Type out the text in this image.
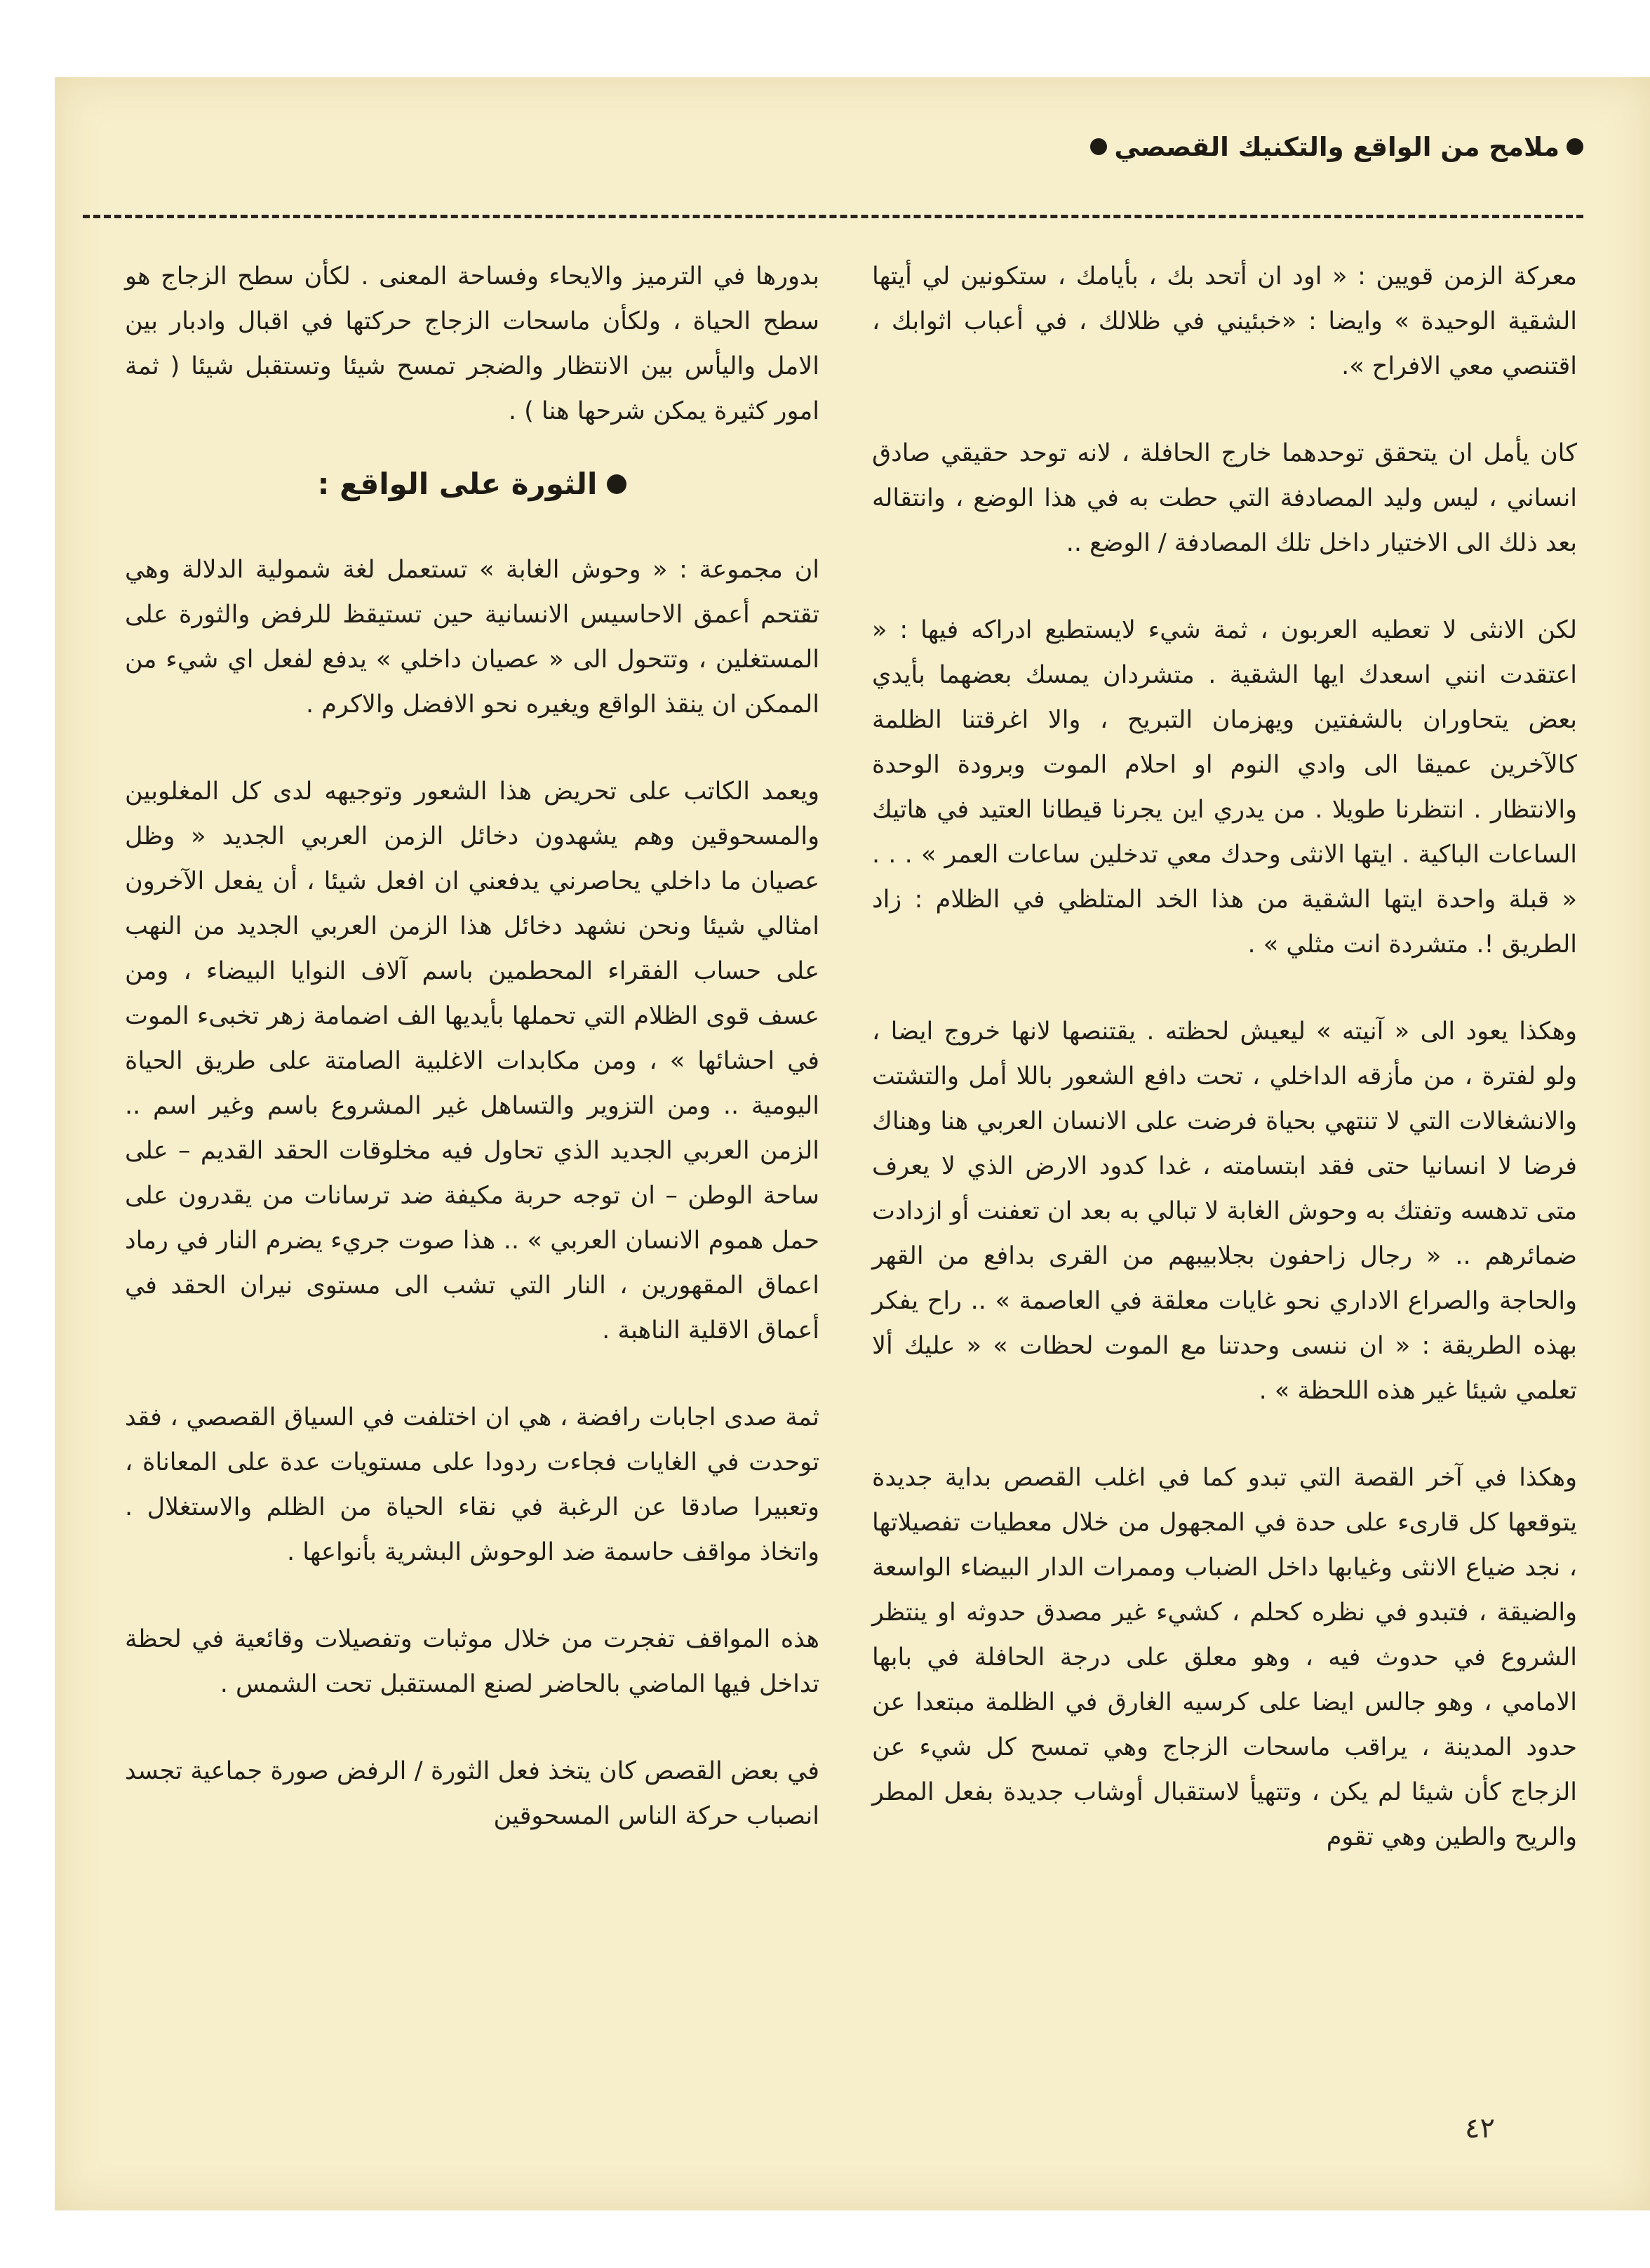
ملامح من الواقع والتكنيك القصصي

معركة الزمن قويين : « اود ان أتحد بك ، بأيامك ، ستكونين لي أيتها الشقية الوحيدة » وايضا : «خبئيني في ظلالك ، في أعباب اثوابك ، اقتنصي معي الافراح ».

كان يأمل ان يتحقق توحدهما خارج الحافلة ، لانه توحد حقيقي صادق انساني ، ليس وليد المصادفة التي حطت به في هذا الوضع ، وانتقاله بعد ذلك الى الاختيار داخل تلك المصادفة / الوضع ..

لكن الانثى لا تعطيه العربون ، ثمة شيء لايستطيع ادراكه فيها : « اعتقدت انني اسعدك ايها الشقية . متشردان يمسك بعضهما بأيدي بعض يتحاوران بالشفتين ويهزمان التبريح ، والا اغرقتنا الظلمة كالآخرين عميقا الى وادي النوم او احلام الموت وبرودة الوحدة والانتظار . انتظرنا طويلا . من يدري اين يجرنا قيطانا العتيد في هاتيك الساعات الباكية . ايتها الانثى وحدك معي تدخلين ساعات العمر » . . . « قبلة واحدة ايتها الشقية من هذا الخد المتلظي في الظلام : زاد الطريق !. متشردة انت مثلي » .

وهكذا يعود الى « آنيته » ليعيش لحظته . يقتنصها لانها خروج ايضا ، ولو لفترة ، من مأزقه الداخلي ، تحت دافع الشعور باللا أمل والتشتت والانشغالات التي لا تنتهي بحياة فرضت على الانسان العربي هنا وهناك فرضا لا انسانيا حتى فقد ابتسامته ، غدا كدود الارض الذي لا يعرف متى تدهسه وتفتك به وحوش الغابة لا تبالي به بعد ان تعفنت أو ازدادت ضمائرهم .. « رجال زاحفون بجلابيبهم من القرى بدافع من القهر والحاجة والصراع الاداري نحو غايات معلقة في العاصمة » .. راح يفكر بهذه الطريقة : « ان ننسى وحدتنا مع الموت لحظات » « عليك ألا تعلمي شيئا غير هذه اللحظة » .

وهكذا في آخر القصة التي تبدو كما في اغلب القصص بداية جديدة يتوقعها كل قارىء على حدة في المجهول من خلال معطيات تفصيلاتها ، نجد ضياع الانثى وغيابها داخل الضباب وممرات الدار البيضاء الواسعة والضيقة ، فتبدو في نظره كحلم ، كشيء غير مصدق حدوثه او ينتظر الشروع في حدوث فيه ، وهو معلق على درجة الحافلة في بابها الامامي ، وهو جالس ايضا على كرسيه الغارق في الظلمة مبتعدا عن حدود المدينة ، يراقب ماسحات الزجاج وهي تمسح كل شيء عن الزجاج كأن شيئا لم يكن ، وتتهيأ لاستقبال أوشاب جديدة بفعل المطر والريح والطين وهي تقوم

بدورها في الترميز والايحاء وفساحة المعنى . لكأن سطح الزجاج هو سطح الحياة ، ولكأن ماسحات الزجاج حركتها في اقبال وادبار بين الامل واليأس بين الانتظار والضجر تمسح شيئا وتستقبل شيئا ( ثمة امور كثيرة يمكن شرحها هنا ) .

الثورة على الواقع :

ان مجموعة : « وحوش الغابة » تستعمل لغة شمولية الدلالة وهي تقتحم أعمق الاحاسيس الانسانية حين تستيقظ للرفض والثورة على المستغلين ، وتتحول الى « عصيان داخلي » يدفع لفعل اي شيء من الممكن ان ينقذ الواقع ويغيره نحو الافضل والاكرم .

ويعمد الكاتب على تحريض هذا الشعور وتوجيهه لدى كل المغلوبين والمسحوقين وهم يشهدون دخائل الزمن العربي الجديد « وظل عصيان ما داخلي يحاصرني يدفعني ان افعل شيئا ، أن يفعل الآخرون امثالي شيئا ونحن نشهد دخائل هذا الزمن العربي الجديد من النهب على حساب الفقراء المحطمين باسم آلاف النوايا البيضاء ، ومن عسف قوى الظلام التي تحملها بأيديها الف اضمامة زهر تخبىء الموت في احشائها » ، ومن مكابدات الاغلبية الصامتة على طريق الحياة اليومية .. ومن التزوير والتساهل غير المشروع باسم وغير اسم .. الزمن العربي الجديد الذي تحاول فيه مخلوقات الحقد القديم – على ساحة الوطن – ان توجه حربة مكيفة ضد ترسانات من يقدرون على حمل هموم الانسان العربي » .. هذا صوت جريء يضرم النار في رماد اعماق المقهورين ، النار التي تشب الى مستوى نيران الحقد في أعماق الاقلية الناهبة .

ثمة صدى اجابات رافضة ، هي ان اختلفت في السياق القصصي ، فقد توحدت في الغايات فجاءت ردودا على مستويات عدة على المعاناة ، وتعبيرا صادقا عن الرغبة في نقاء الحياة من الظلم والاستغلال . واتخاذ مواقف حاسمة ضد الوحوش البشرية بأنواعها .

هذه المواقف تفجرت من خلال موثبات وتفصيلات وقائعية في لحظة تداخل فيها الماضي بالحاضر لصنع المستقبل تحت الشمس .

في بعض القصص كان يتخذ فعل الثورة / الرفض صورة جماعية تجسد انصباب حركة الناس المسحوقين

٤٢
